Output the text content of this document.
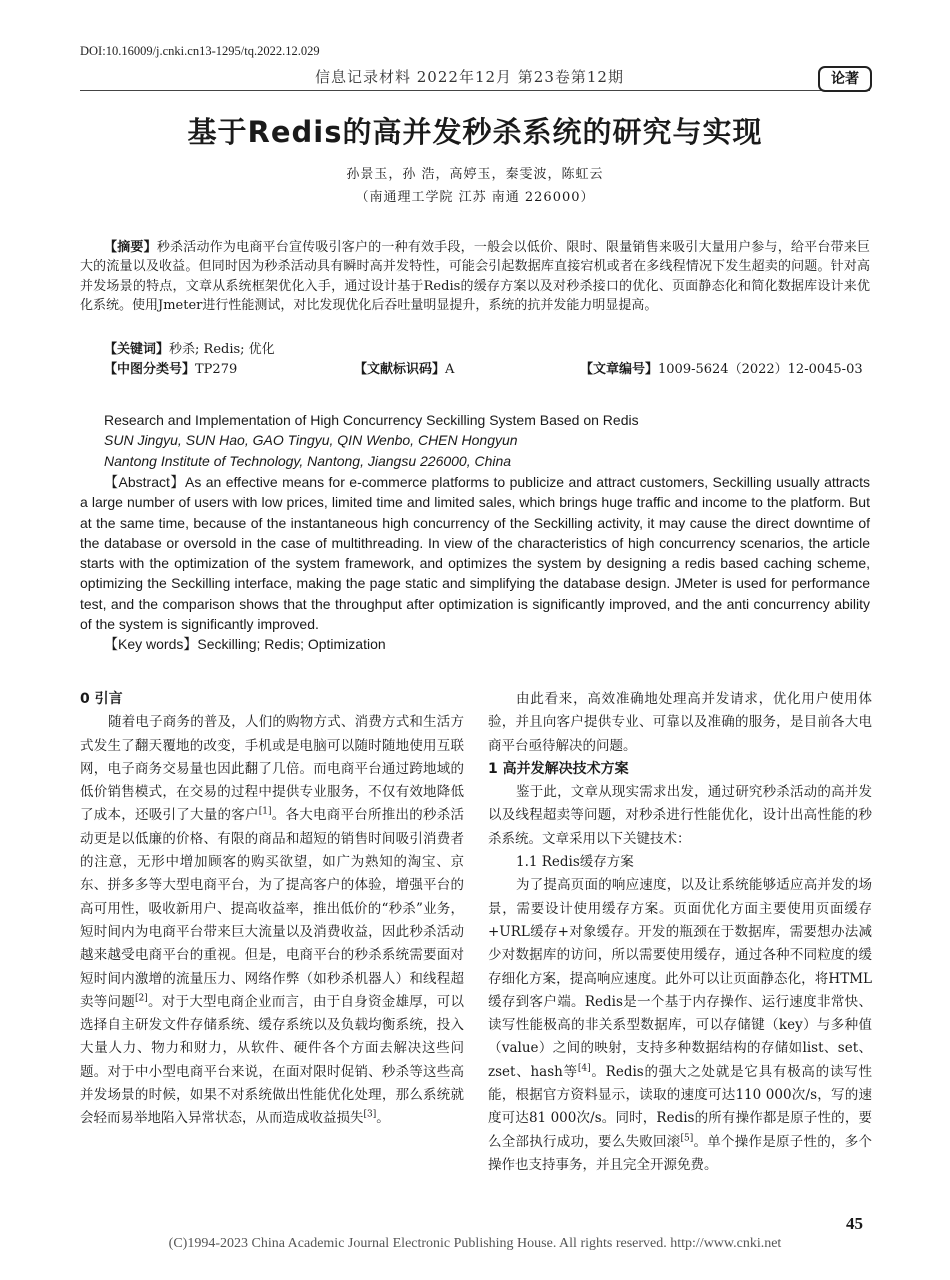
DOI:10.16009/j.cnki.cn13-1295/tq.2022.12.029
信息记录材料 2022年12月 第23卷第12期	论著
基于Redis的高并发秒杀系统的研究与实现
孙景玉，孙 浩，高婷玉，秦雯波，陈虹云
（南通理工学院 江苏 南通 226000）

【摘要】秒杀活动作为电商平台宣传吸引客户的一种有效手段，一般会以低价、限时、限量销售来吸引大量用户参与，给平台带来巨大的流量以及收益。但同时因为秒杀活动具有瞬时高并发特性，可能会引起数据库直接宕机或者在多线程情况下发生超卖的问题。针对高并发场景的特点，文章从系统框架优化入手，通过设计基于Redis的缓存方案以及对秒杀接口的优化、页面静态化和简化数据库设计来优化系统。使用Jmeter进行性能测试，对比发现优化后吞吐量明显提升，系统的抗并发能力明显提高。

【关键词】秒杀; Redis; 优化
【中图分类号】TP279	【文献标识码】A	【文章编号】1009-5624（2022）12-0045-03
Research and Implementation of High Concurrency Seckilling System Based on Redis
SUN Jingyu, SUN Hao, GAO Tingyu, QIN Wenbo, CHEN Hongyun
Nantong Institute of Technology, Nantong, Jiangsu 226000, China

【Abstract】As an effective means for e-commerce platforms to publicize and attract customers, Seckilling usually attracts a large number of users with low prices, limited time and limited sales, which brings huge traffic and income to the platform. But at the same time, because of the instantaneous high concurrency of the Seckilling activity, it may cause the direct downtime of the database or oversold in the case of multithreading. In view of the characteristics of high concurrency scenarios, the article starts with the optimization of the system framework, and optimizes the system by designing a redis based caching scheme, optimizing the Seckilling interface, making the page static and simplifying the database design. JMeter is used for performance test, and the comparison shows that the throughput after optimization is significantly improved, and the anti concurrency ability of the system is significantly improved.

【Key words】Seckilling; Redis; Optimization
0 引言

随着电子商务的普及，人们的购物方式、消费方式和生活方式发生了翻天覆地的改变，手机或是电脑可以随时随地使用互联网，电子商务交易量也因此翻了几倍。而电商平台通过跨地域的低价销售模式，在交易的过程中提供专业服务，不仅有效地降低了成本，还吸引了大量的客户[1]。各大电商平台所推出的秒杀活动更是以低廉的价格、有限的商品和超短的销售时间吸引消费者的注意，无形中增加顾客的购买欲望，如广为熟知的淘宝、京东、拼多多等大型电商平台，为了提高客户的体验，增强平台的高可用性，吸收新用户、提高收益率，推出低价的“秒杀”业务，短时间内为电商平台带来巨大流量以及消费收益，因此秒杀活动越来越受电商平台的重视。但是，电商平台的秒杀系统需要面对短时间内激增的流量压力、网络作弊（如秒杀机器人）和线程超卖等问题[2]。对于大型电商企业而言，由于自身资金雄厚，可以选择自主研发文件存储系统、缓存系统以及负载均衡系统，投入大量人力、物力和财力，从软件、硬件各个方面去解决这些问题。对于中小型电商平台来说，在面对限时促销、秒杀等这些高并发场景的时候，如果不对系统做出性能优化处理，那么系统就会轻而易举地陷入异常状态，从而造成收益损失[3]。

由此看来，高效准确地处理高并发请求，优化用户使用体验，并且向客户提供专业、可靠以及准确的服务，是目前各大电商平台亟待解决的问题。

1 高并发解决技术方案

鉴于此，文章从现实需求出发，通过研究秒杀活动的高并发以及线程超卖等问题，对秒杀进行性能优化，设计出高性能的秒杀系统。文章采用以下关键技术：

1.1 Redis缓存方案

为了提高页面的响应速度，以及让系统能够适应高并发的场景，需要设计使用缓存方案。页面优化方面主要使用页面缓存+URL缓存+对象缓存。开发的瓶颈在于数据库，需要想办法减少对数据库的访问，所以需要使用缓存，通过各种不同粒度的缓存细化方案，提高响应速度。此外可以让页面静态化，将HTML缓存到客户端。Redis是一个基于内存操作、运行速度非常快、读写性能极高的非关系型数据库，可以存储键（key）与多种值（value）之间的映射，支持多种数据结构的存储如list、set、zset、hash等[4]。Redis的强大之处就是它具有极高的读写性能，根据官方资料显示，读取的速度可达110 000次/s，写的速度可达81 000次/s。同时，Redis的所有操作都是原子性的，要么全部执行成功，要么失败回滚[5]。单个操作是原子性的，多个操作也支持事务，并且完全开源免费。

45
(C)1994-2023 China Academic Journal Electronic Publishing House. All rights reserved. http://www.cnki.net
